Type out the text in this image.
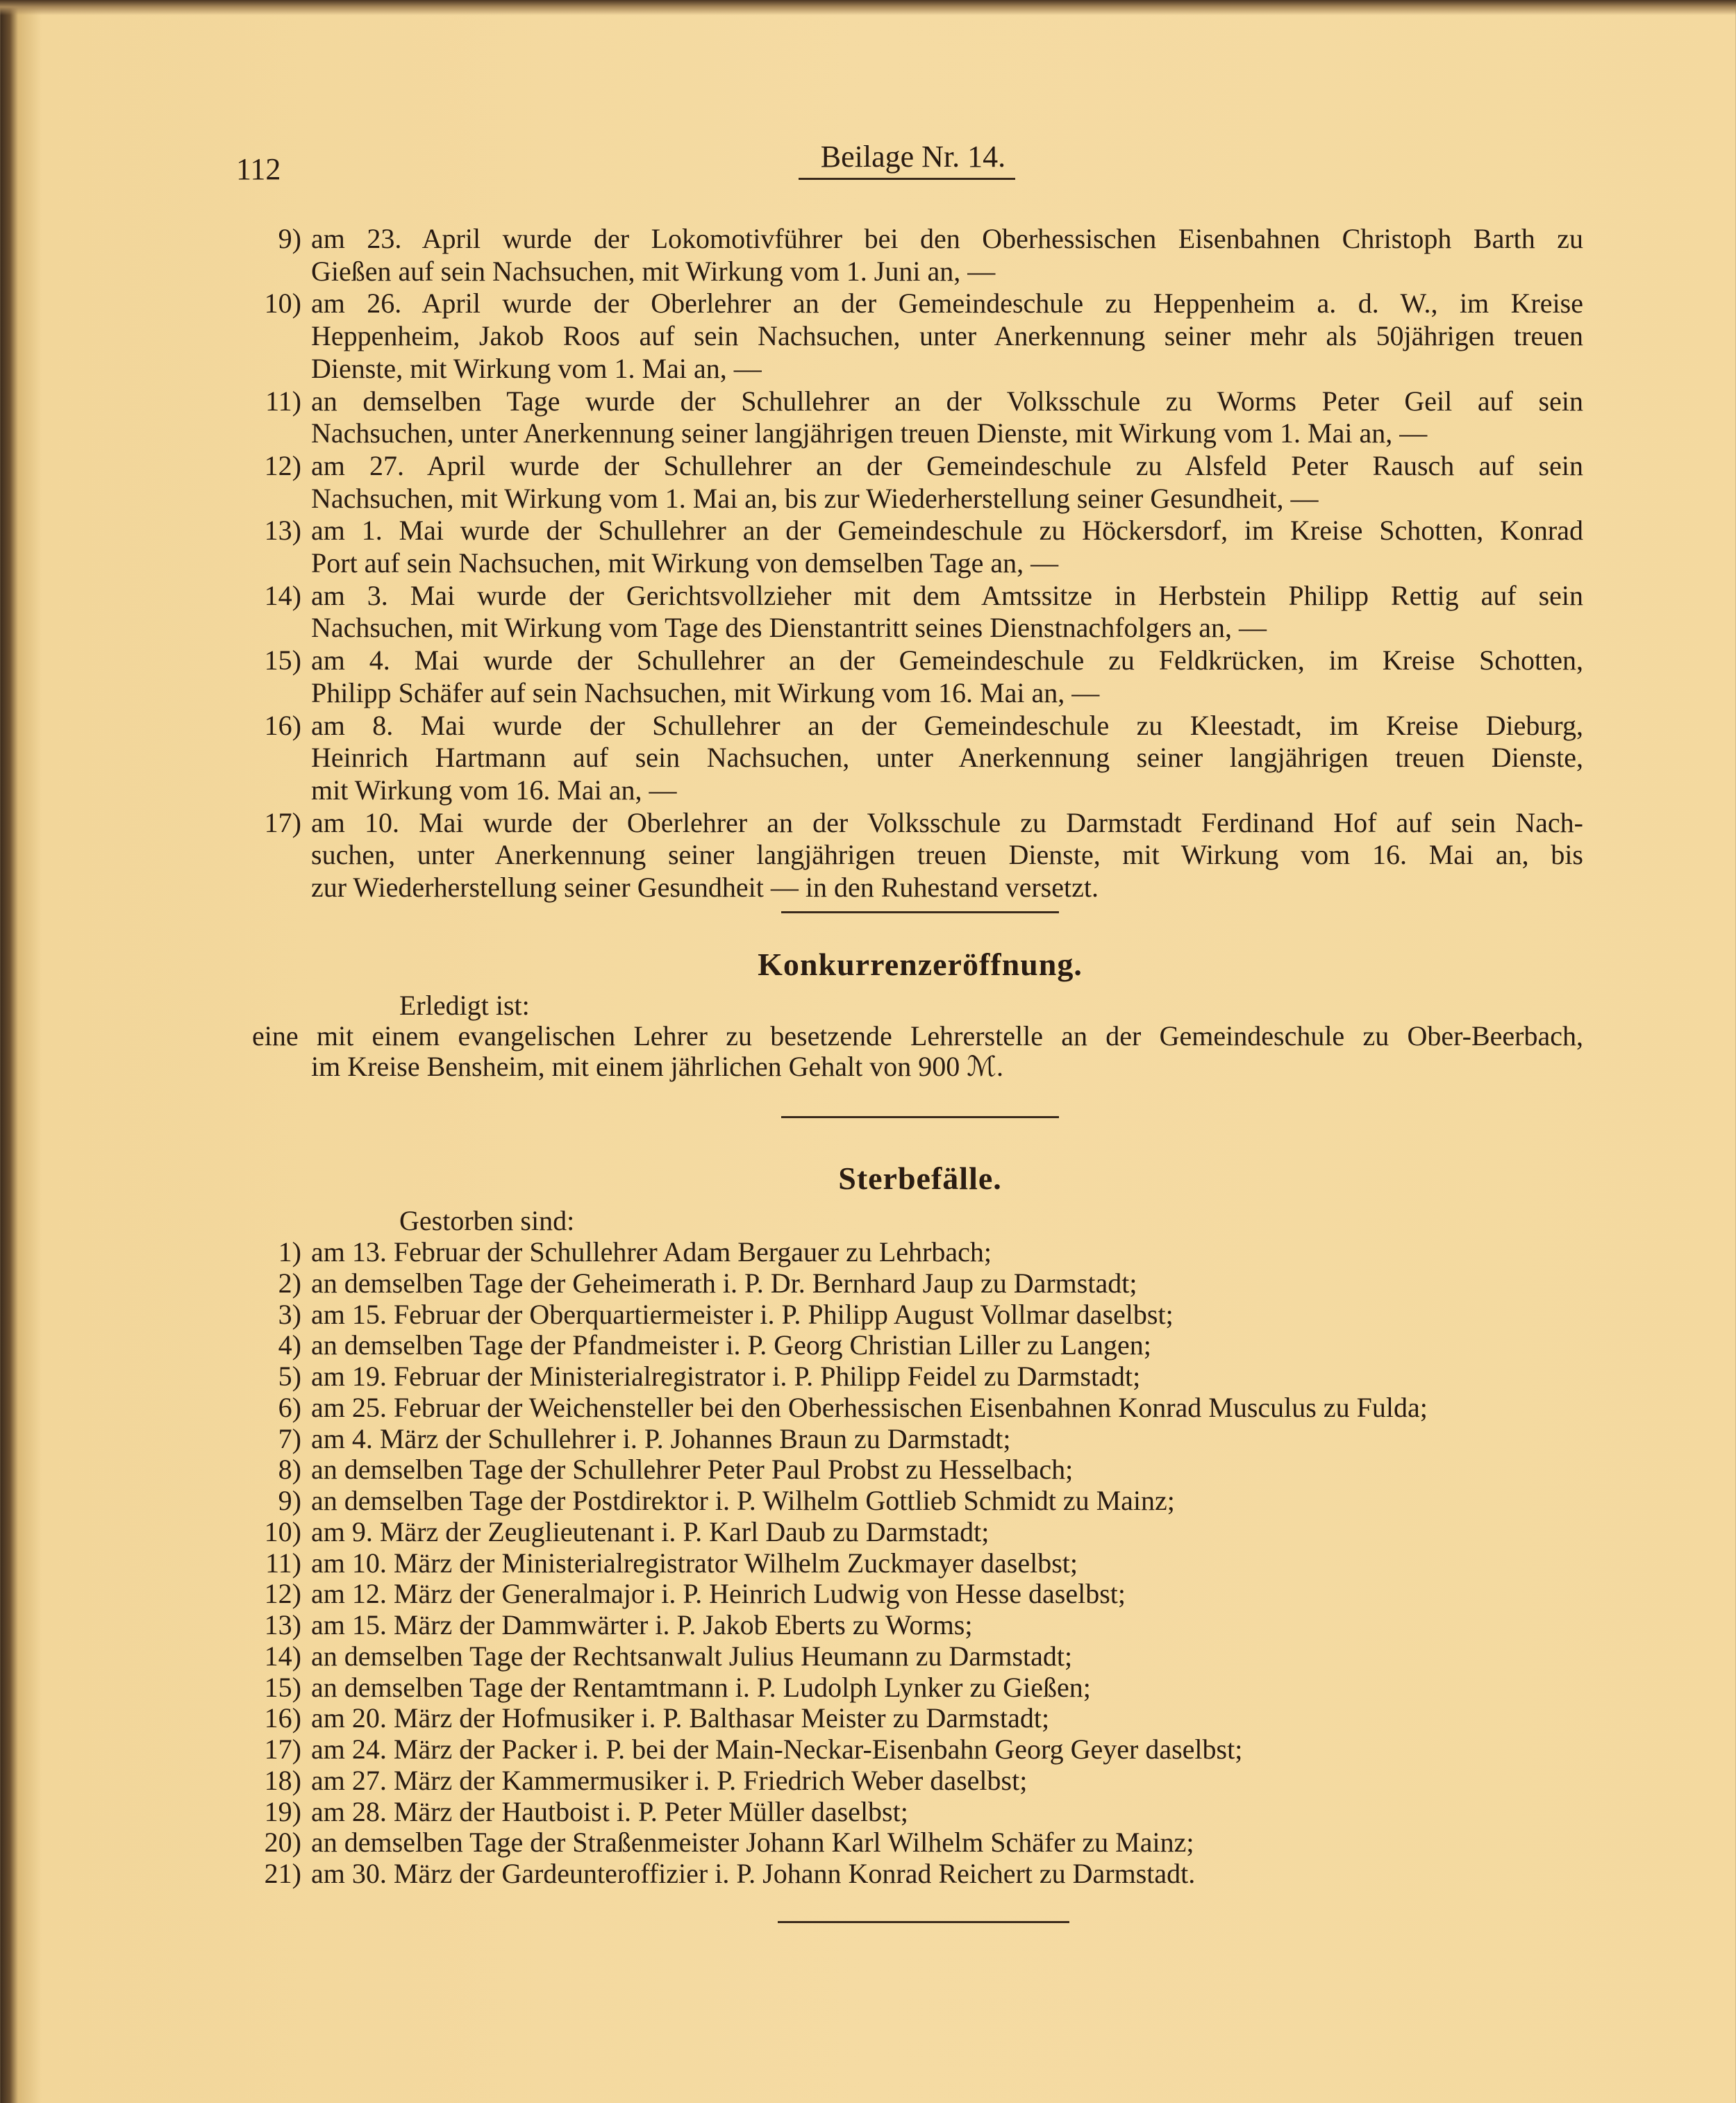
112	Beilage Nr. 14.
9) am 23. April wurde der Lokomotivführer bei den Oberhessischen Eisenbahnen Christoph Barth zu
Gießen auf sein Nachsuchen, mit Wirkung vom 1. Juni an, —
10) am 26. April wurde der Oberlehrer an der Gemeindeschule zu Heppenheim a. d. W., im Kreise
Heppenheim, Jakob Roos auf sein Nachsuchen, unter Anerkennung seiner mehr als 50jährigen treuen
Dienste, mit Wirkung vom 1. Mai an, —
11) an demselben Tage wurde der Schullehrer an der Volksschule zu Worms Peter Geil auf sein
Nachsuchen, unter Anerkennung seiner langjährigen treuen Dienste, mit Wirkung vom 1. Mai an, —
12) am 27. April wurde der Schullehrer an der Gemeindeschule zu Alsfeld Peter Rausch auf sein
Nachsuchen, mit Wirkung vom 1. Mai an, bis zur Wiederherstellung seiner Gesundheit, —
13) am 1. Mai wurde der Schullehrer an der Gemeindeschule zu Höckersdorf, im Kreise Schotten, Konrad
Port auf sein Nachsuchen, mit Wirkung von demselben Tage an, —
14) am 3. Mai wurde der Gerichtsvollzieher mit dem Amtssitze in Herbstein Philipp Rettig auf sein
Nachsuchen, mit Wirkung vom Tage des Dienstantritt seines Dienstnachfolgers an, —
15) am 4. Mai wurde der Schullehrer an der Gemeindeschule zu Feldkrücken, im Kreise Schotten,
Philipp Schäfer auf sein Nachsuchen, mit Wirkung vom 16. Mai an, —
16) am 8. Mai wurde der Schullehrer an der Gemeindeschule zu Kleestadt, im Kreise Dieburg,
Heinrich Hartmann auf sein Nachsuchen, unter Anerkennung seiner langjährigen treuen Dienste,
mit Wirkung vom 16. Mai an, —
17) am 10. Mai wurde der Oberlehrer an der Volksschule zu Darmstadt Ferdinand Hof auf sein Nach-
suchen, unter Anerkennung seiner langjährigen treuen Dienste, mit Wirkung vom 16. Mai an, bis
zur Wiederherstellung seiner Gesundheit — in den Ruhestand versetzt.
Konkurrenzeröffnung.
Erledigt ist:
eine mit einem evangelischen Lehrer zu besetzende Lehrerstelle an der Gemeindeschule zu Ober-Beerbach,
im Kreise Bensheim, mit einem jährlichen Gehalt von 900 ℳ.
Sterbefälle.
Gestorben sind:
1) am 13. Februar der Schullehrer Adam Bergauer zu Lehrbach;
2) an demselben Tage der Geheimerath i. P. Dr. Bernhard Jaup zu Darmstadt;
3) am 15. Februar der Oberquartiermeister i. P. Philipp August Vollmar daselbst;
4) an demselben Tage der Pfandmeister i. P. Georg Christian Liller zu Langen;
5) am 19. Februar der Ministerialregistrator i. P. Philipp Feidel zu Darmstadt;
6) am 25. Februar der Weichensteller bei den Oberhessischen Eisenbahnen Konrad Musculus zu Fulda;
7) am 4. März der Schullehrer i. P. Johannes Braun zu Darmstadt;
8) an demselben Tage der Schullehrer Peter Paul Probst zu Hesselbach;
9) an demselben Tage der Postdirektor i. P. Wilhelm Gottlieb Schmidt zu Mainz;
10) am 9. März der Zeuglieutenant i. P. Karl Daub zu Darmstadt;
11) am 10. März der Ministerialregistrator Wilhelm Zuckmayer daselbst;
12) am 12. März der Generalmajor i. P. Heinrich Ludwig von Hesse daselbst;
13) am 15. März der Dammwärter i. P. Jakob Eberts zu Worms;
14) an demselben Tage der Rechtsanwalt Julius Heumann zu Darmstadt;
15) an demselben Tage der Rentamtmann i. P. Ludolph Lynker zu Gießen;
16) am 20. März der Hofmusiker i. P. Balthasar Meister zu Darmstadt;
17) am 24. März der Packer i. P. bei der Main-Neckar-Eisenbahn Georg Geyer daselbst;
18) am 27. März der Kammermusiker i. P. Friedrich Weber daselbst;
19) am 28. März der Hautboist i. P. Peter Müller daselbst;
20) an demselben Tage der Straßenmeister Johann Karl Wilhelm Schäfer zu Mainz;
21) am 30. März der Gardeunteroffizier i. P. Johann Konrad Reichert zu Darmstadt.
